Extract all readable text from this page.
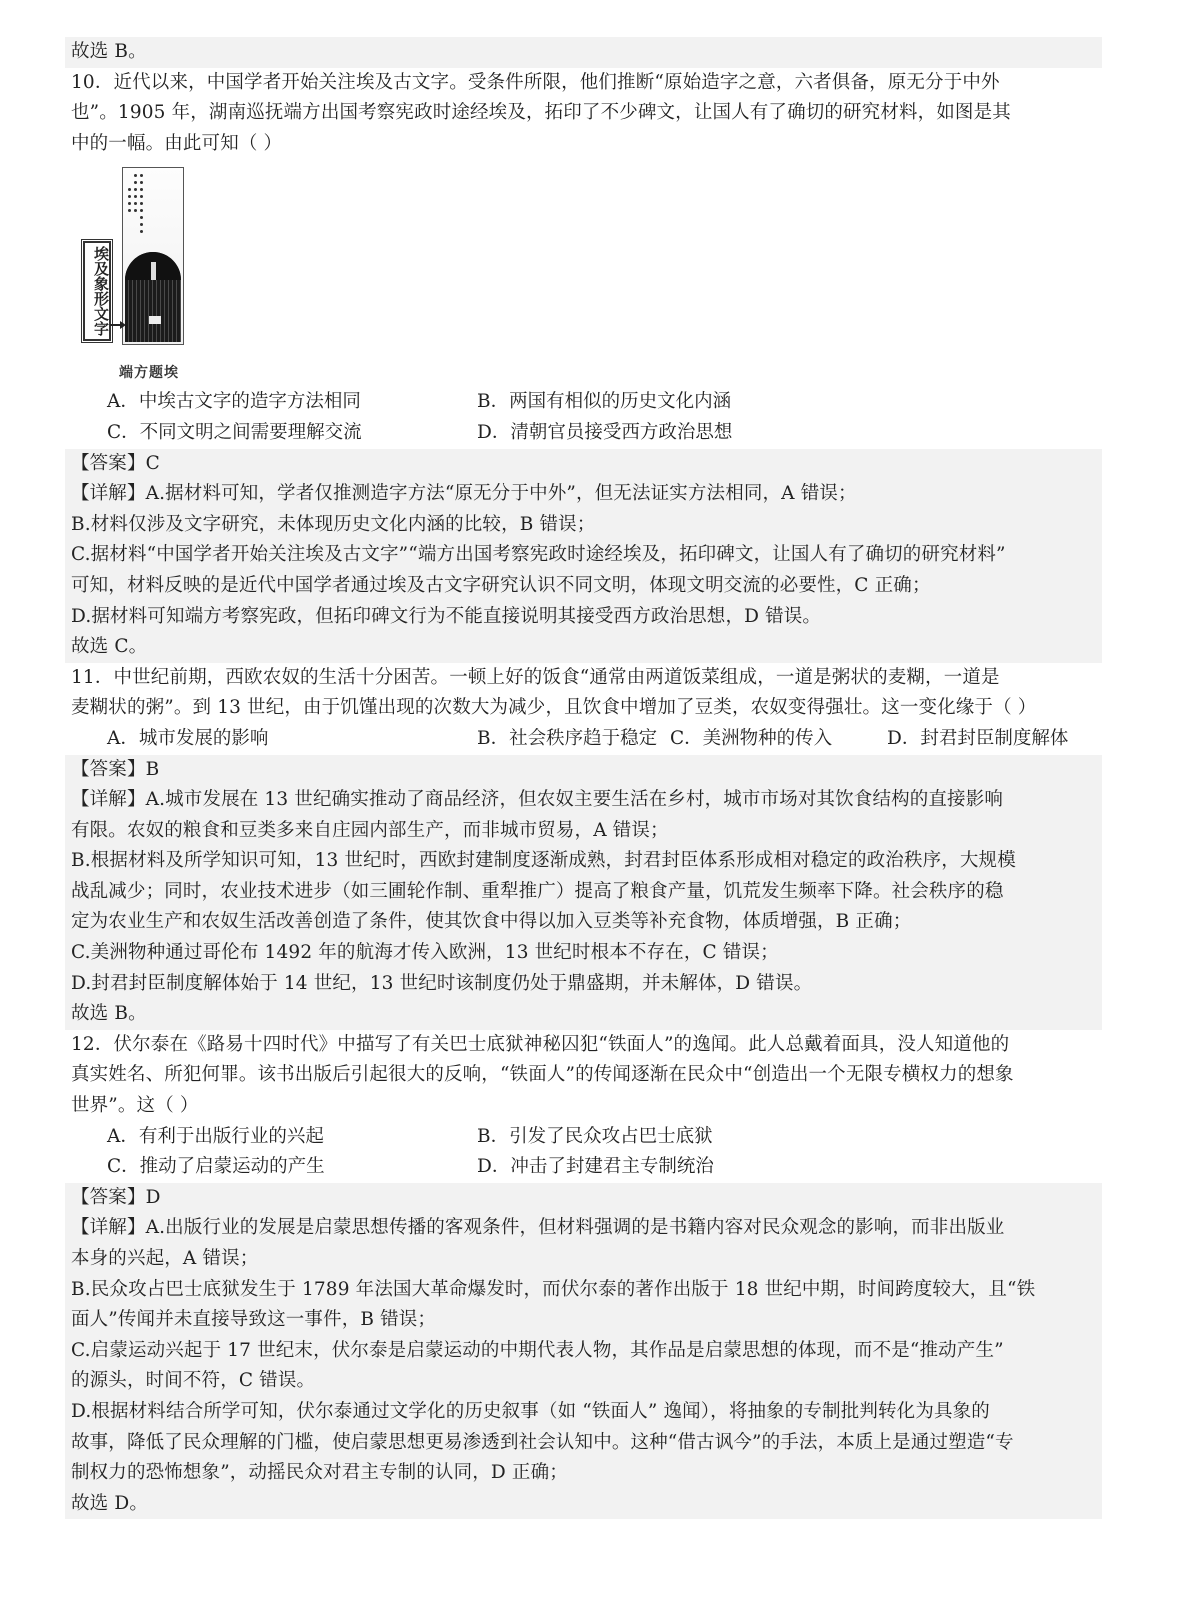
故选 B。
10．近代以来，中国学者开始关注埃及古文字。受条件所限，他们推断“原始造字之意，六者俱备，原无分于中外
也”。1905 年，湖南巡抚端方出国考察宪政时途经埃及，拓印了不少碑文，让国人有了确切的研究材料，如图是其
中的一幅。由此可知（ ）
埃及象形文字
端方题埃
A．中埃古文字的造字方法相同	B．两国有相似的历史文化内涵
C．不同文明之间需要理解交流	D．清朝官员接受西方政治思想
【答案】C
【详解】A.据材料可知，学者仅推测造字方法“原无分于中外”，但无法证实方法相同，A 错误；
B.材料仅涉及文字研究，未体现历史文化内涵的比较，B 错误；
C.据材料“中国学者开始关注埃及古文字”“端方出国考察宪政时途经埃及，拓印碑文，让国人有了确切的研究材料”
可知，材料反映的是近代中国学者通过埃及古文字研究认识不同文明，体现文明交流的必要性，C 正确；
D.据材料可知端方考察宪政，但拓印碑文行为不能直接说明其接受西方政治思想，D 错误。
故选 C。
11．中世纪前期，西欧农奴的生活十分困苦。一顿上好的饭食“通常由两道饭菜组成，一道是粥状的麦糊，一道是
麦糊状的粥”。到 13 世纪，由于饥馑出现的次数大为减少，且饮食中增加了豆类，农奴变得强壮。这一变化缘于（ ）
A．城市发展的影响	B．社会秩序趋于稳定 C．美洲物种的传入	D．封君封臣制度解体
【答案】B
【详解】A.城市发展在 13 世纪确实推动了商品经济，但农奴主要生活在乡村，城市市场对其饮食结构的直接影响
有限。农奴的粮食和豆类多来自庄园内部生产，而非城市贸易，A 错误；
B.根据材料及所学知识可知，13 世纪时，西欧封建制度逐渐成熟，封君封臣体系形成相对稳定的政治秩序，大规模
战乱减少；同时，农业技术进步（如三圃轮作制、重犁推广）提高了粮食产量，饥荒发生频率下降。社会秩序的稳
定为农业生产和农奴生活改善创造了条件，使其饮食中得以加入豆类等补充食物，体质增强，B 正确；
C.美洲物种通过哥伦布 1492 年的航海才传入欧洲，13 世纪时根本不存在，C 错误；
D.封君封臣制度解体始于 14 世纪，13 世纪时该制度仍处于鼎盛期，并未解体，D 错误。
故选 B。
12．伏尔泰在《路易十四时代》中描写了有关巴士底狱神秘囚犯“铁面人”的逸闻。此人总戴着面具，没人知道他的
真实姓名、所犯何罪。该书出版后引起很大的反响，“铁面人”的传闻逐渐在民众中“创造出一个无限专横权力的想象
世界”。这（ ）
A．有利于出版行业的兴起	B．引发了民众攻占巴士底狱
C．推动了启蒙运动的产生	D．冲击了封建君主专制统治
【答案】D
【详解】A.出版行业的发展是启蒙思想传播的客观条件，但材料强调的是书籍内容对民众观念的影响，而非出版业
本身的兴起，A 错误；
B.民众攻占巴士底狱发生于 1789 年法国大革命爆发时，而伏尔泰的著作出版于 18 世纪中期，时间跨度较大，且“铁
面人”传闻并未直接导致这一事件，B 错误；
C.启蒙运动兴起于 17 世纪末，伏尔泰是启蒙运动的中期代表人物，其作品是启蒙思想的体现，而不是“推动产生”
的源头，时间不符，C 错误。
D.根据材料结合所学可知，伏尔泰通过文学化的历史叙事（如 “铁面人” 逸闻），将抽象的专制批判转化为具象的
故事，降低了民众理解的门槛，使启蒙思想更易渗透到社会认知中。这种“借古讽今”的手法，本质上是通过塑造“专
制权力的恐怖想象”，动摇民众对君主专制的认同，D 正确；
故选 D。
